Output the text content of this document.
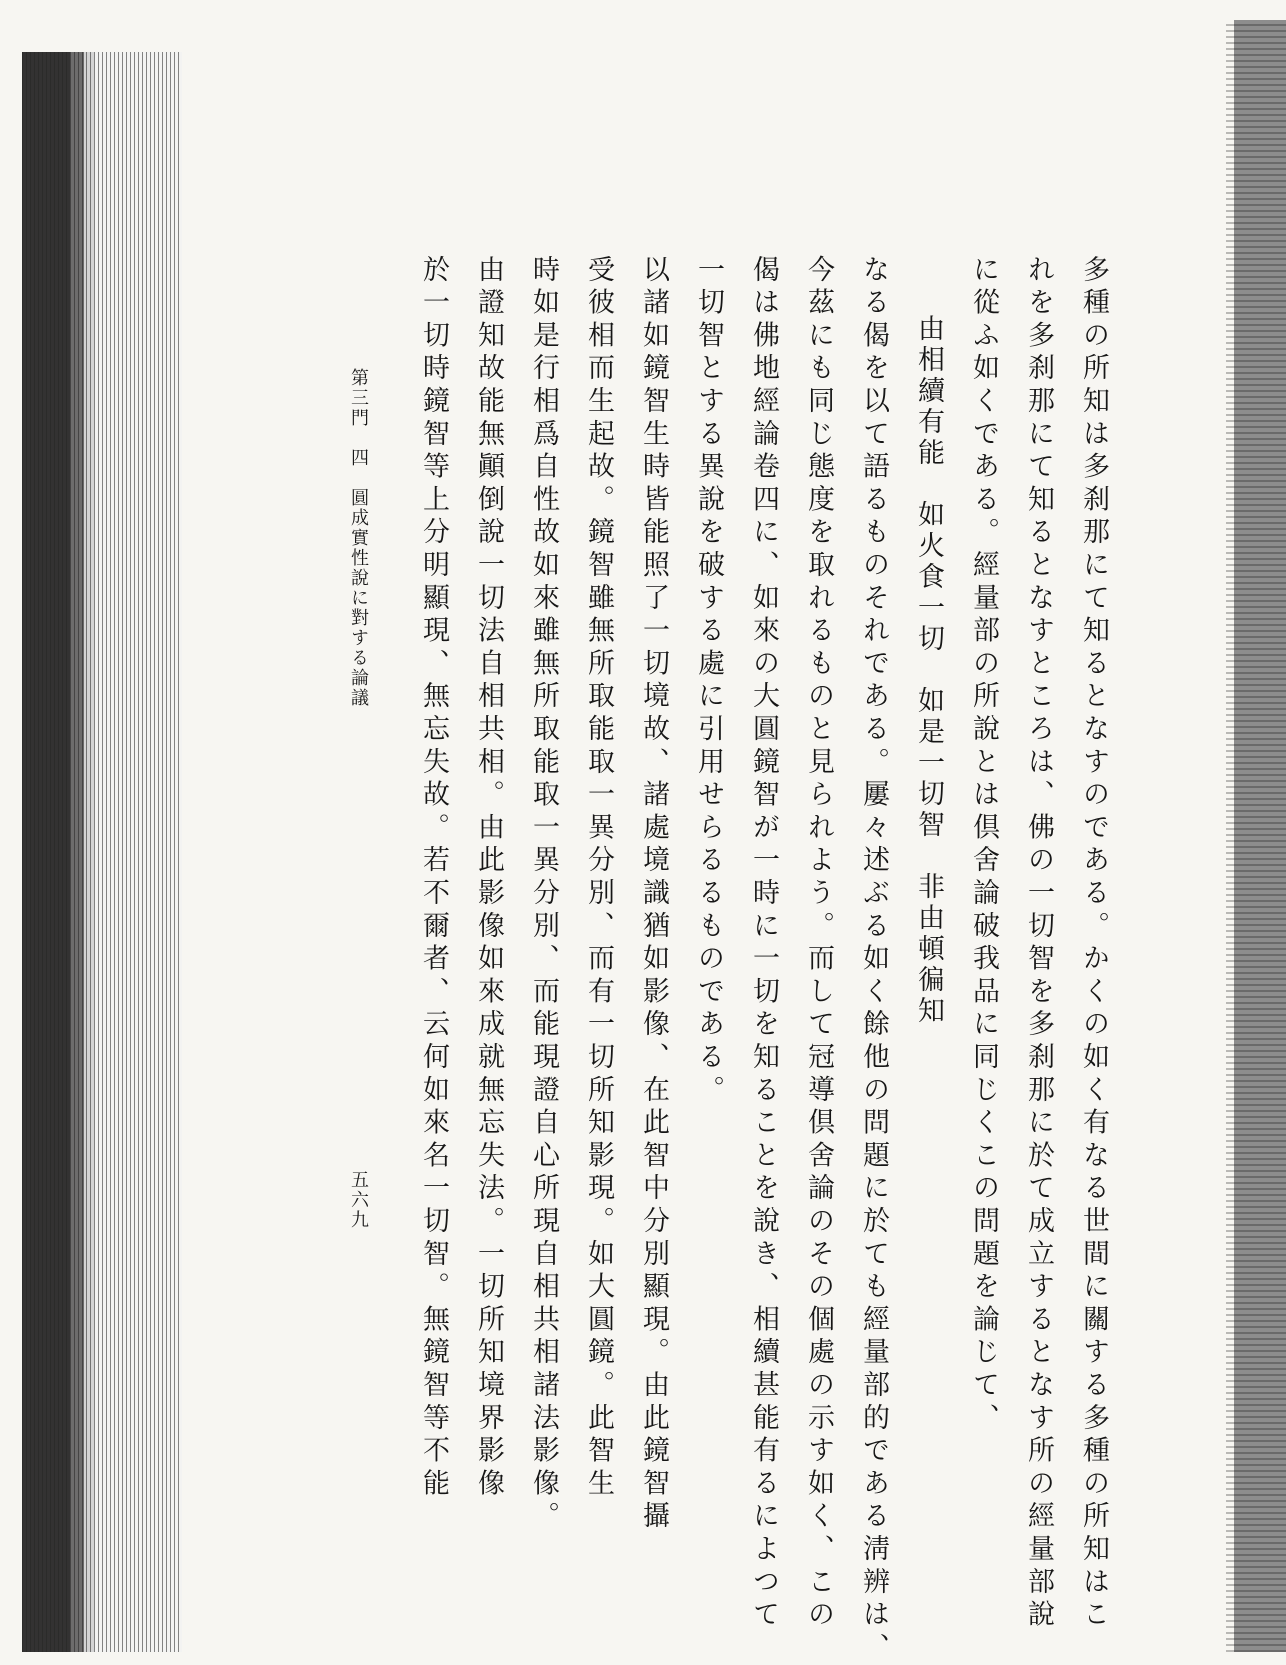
多種の所知は多刹那にて知るとなすのである。かくの如く有なる世間に關する多種の所知はこ
れを多刹那にて知るとなすところは、佛の一切智を多刹那に於て成立するとなす所の經量部說
に從ふ如くである。經量部の所說とは倶舍論破我品に同じくこの問題を論じて、
由相續有能　如火食一切　如是一切智　非由頓徧知
なる偈を以て語るものそれである。屢々述ぶる如く餘他の問題に於ても經量部的である淸辨は、
今茲にも同じ態度を取れるものと見られよう。而して冠導倶舍論のその個處の示す如く、この
偈は佛地經論卷四に、如來の大圓鏡智が一時に一切を知ることを說き、相續甚能有るによつて
一切智とする異說を破する處に引用せらるるものである。
以諸如鏡智生時皆能照了一切境故、諸處境識猶如影像、在此智中分別顯現。由此鏡智攝
受彼相而生起故。鏡智雖無所取能取一異分別、而有一切所知影現。如大圓鏡。此智生
時如是行相爲自性故如來雖無所取能取一異分別、而能現證自心所現自相共相諸法影像。
由證知故能無顚倒說一切法自相共相。由此影像如來成就無忘失法。一切所知境界影像
於一切時鏡智等上分明顯現、無忘失故。若不爾者、云何如來名一切智。無鏡智等不能
第三門　四　圓成實性說に對する論議
五六九
